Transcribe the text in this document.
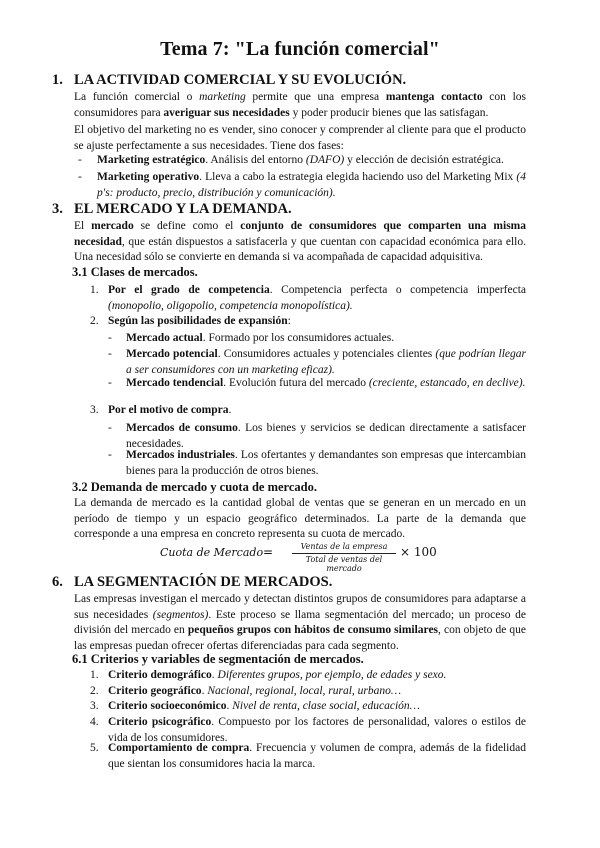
Tema 7: "La función comercial"
1. LA ACTIVIDAD COMERCIAL Y SU EVOLUCIÓN.
La función comercial o marketing permite que una empresa mantenga contacto con los consumidores para averiguar sus necesidades y poder producir bienes que las satisfagan.
El objetivo del marketing no es vender, sino conocer y comprender al cliente para que el producto se ajuste perfectamente a sus necesidades. Tiene dos fases:
- Marketing estratégico. Análisis del entorno (DAFO) y elección de decisión estratégica.
- Marketing operativo. Lleva a cabo la estrategia elegida haciendo uso del Marketing Mix (4 p's: producto, precio, distribución y comunicación).
3. EL MERCADO Y LA DEMANDA.
El mercado se define como el conjunto de consumidores que comparten una misma necesidad, que están dispuestos a satisfacerla y que cuentan con capacidad económica para ello. Una necesidad sólo se convierte en demanda si va acompañada de capacidad adquisitiva.
3.1 Clases de mercados.
1. Por el grado de competencia. Competencia perfecta o competencia imperfecta (monopolio, oligopolio, competencia monopolística).
2. Según las posibilidades de expansión:
- Mercado actual. Formado por los consumidores actuales.
- Mercado potencial. Consumidores actuales y potenciales clientes (que podrían llegar a ser consumidores con un marketing eficaz).
- Mercado tendencial. Evolución futura del mercado (creciente, estancado, en declive).
3. Por el motivo de compra.
- Mercados de consumo. Los bienes y servicios se dedican directamente a satisfacer necesidades.
- Mercados industriales. Los ofertantes y demandantes son empresas que intercambian bienes para la producción de otros bienes.
3.2 Demanda de mercado y cuota de mercado.
La demanda de mercado es la cantidad global de ventas que se generan en un mercado en un período de tiempo y un espacio geográfico determinados. La parte de la demanda que corresponde a una empresa en concreto representa su cuota de mercado.
Cuota de Mercado =	Ventas de la empresa
Total de ventas del mercado
× 100
6. LA SEGMENTACIÓN DE MERCADOS.
Las empresas investigan el mercado y detectan distintos grupos de consumidores para adaptarse a sus necesidades (segmentos). Este proceso se llama segmentación del mercado; un proceso de división del mercado en pequeños grupos con hábitos de consumo similares, con objeto de que las empresas puedan ofrecer ofertas diferenciadas para cada segmento.
6.1 Criterios y variables de segmentación de mercados.
1. Criterio demográfico. Diferentes grupos, por ejemplo, de edades y sexo.
2. Criterio geográfico. Nacional, regional, local, rural, urbano…
3. Criterio socioeconómico. Nivel de renta, clase social, educación…
4. Criterio psicográfico. Compuesto por los factores de personalidad, valores o estilos de vida de los consumidores.
5. Comportamiento de compra. Frecuencia y volumen de compra, además de la fidelidad que sientan los consumidores hacia la marca.
